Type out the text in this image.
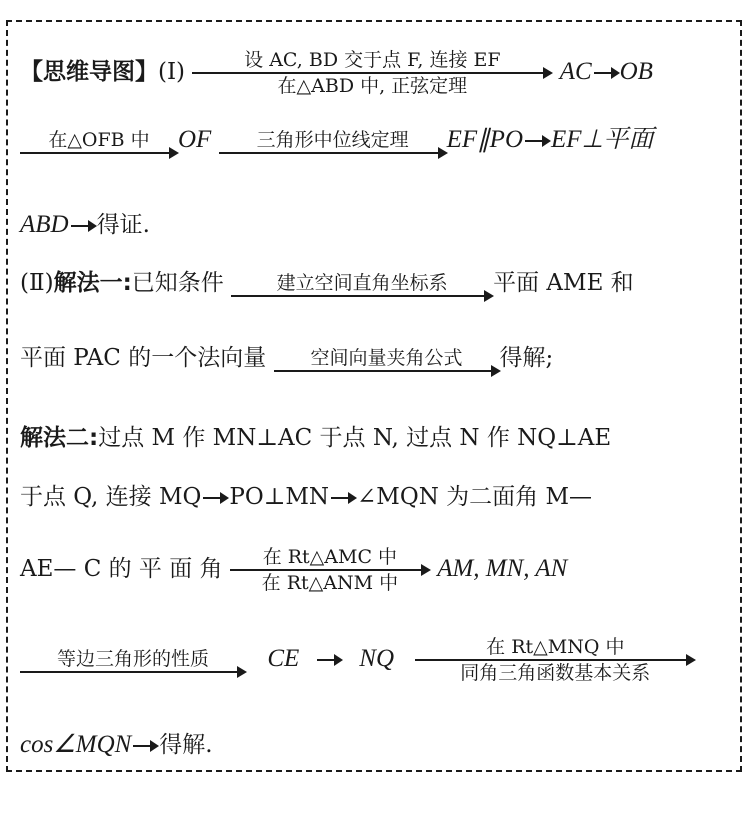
【思维导图】(Ⅰ)	设 AC, BD 交于点 F, 连接 EF
在△ABD 中, 正弦定理
AC OB
在△OFB 中	OF	三角形中位线定理	EF∥PO EF⊥平面
ABD 得证.
(Ⅱ)解法一:已知条件	建立空间直角坐标系	平面 AME 和
平面 PAC 的一个法向量	空间向量夹角公式	得解;
解法二:过点 M 作 MN⊥AC 于点 N, 过点 N 作 NQ⊥AE
于点 Q, 连接 MQ PO⊥MN ∠MQN 为二面角 M—
AE— C 的 平 面 角	在 Rt△AMC 中
在 Rt△ANM 中
AM, MN, AN
等边三角形的性质	CE NQ	在 Rt△MNQ 中
同角三角函数基本关系
cos∠MQN 得解.
